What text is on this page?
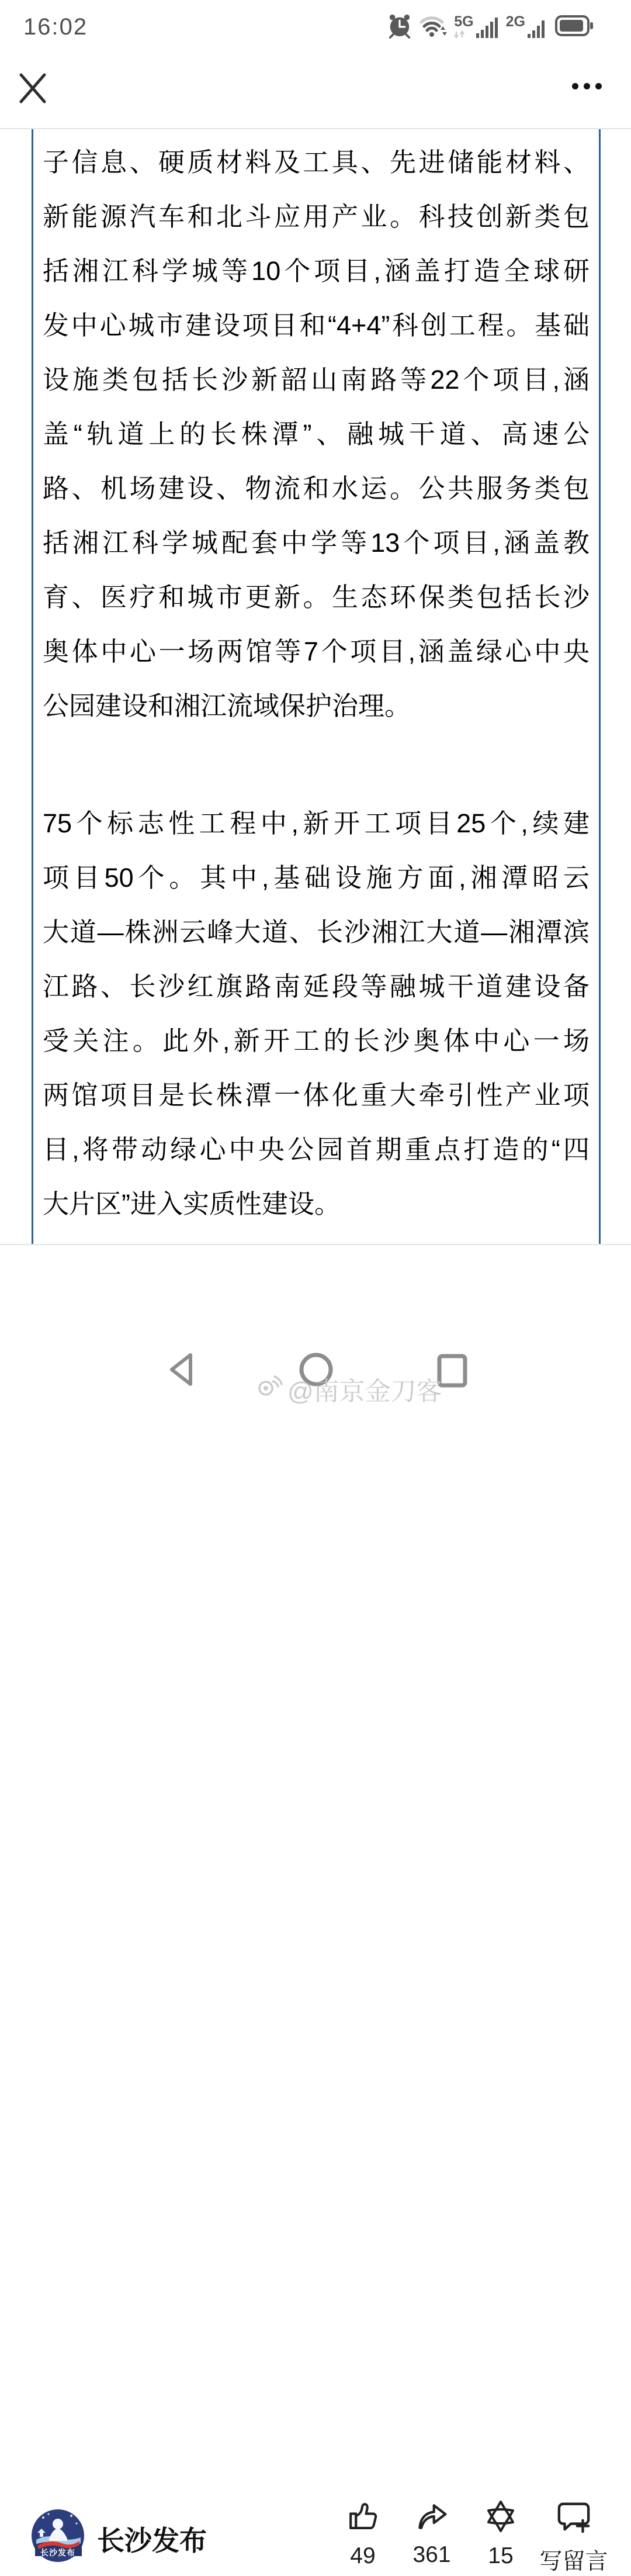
16:02	5G 2G
子信息、硬质材料及工具、先进储能材料、
新能源汽车和北斗应用产业。科技创新类包
括湘江科学城等10个项目,涵盖打造全球研
发中心城市建设项目和“4+4”科创工程。基础
设施类包括长沙新韶山南路等22个项目,涵
盖“轨道上的长株潭”、融城干道、高速公
路、机场建设、物流和水运。公共服务类包
括湘江科学城配套中学等13个项目,涵盖教
育、医疗和城市更新。生态环保类包括长沙
奥体中心一场两馆等7个项目,涵盖绿心中央
公园建设和湘江流域保护治理。
75个标志性工程中,新开工项目25个,续建
项目50个。其中,基础设施方面,湘潭昭云
大道—株洲云峰大道、长沙湘江大道—湘潭滨
江路、长沙红旗路南延段等融城干道建设备
受关注。此外,新开工的长沙奥体中心一场
两馆项目是长株潭一体化重大牵引性产业项
目,将带动绿心中央公园首期重点打造的“四
大片区”进入实质性建设。
长沙发布 长沙发布	49 361 15 写留言
@南京金刀客
